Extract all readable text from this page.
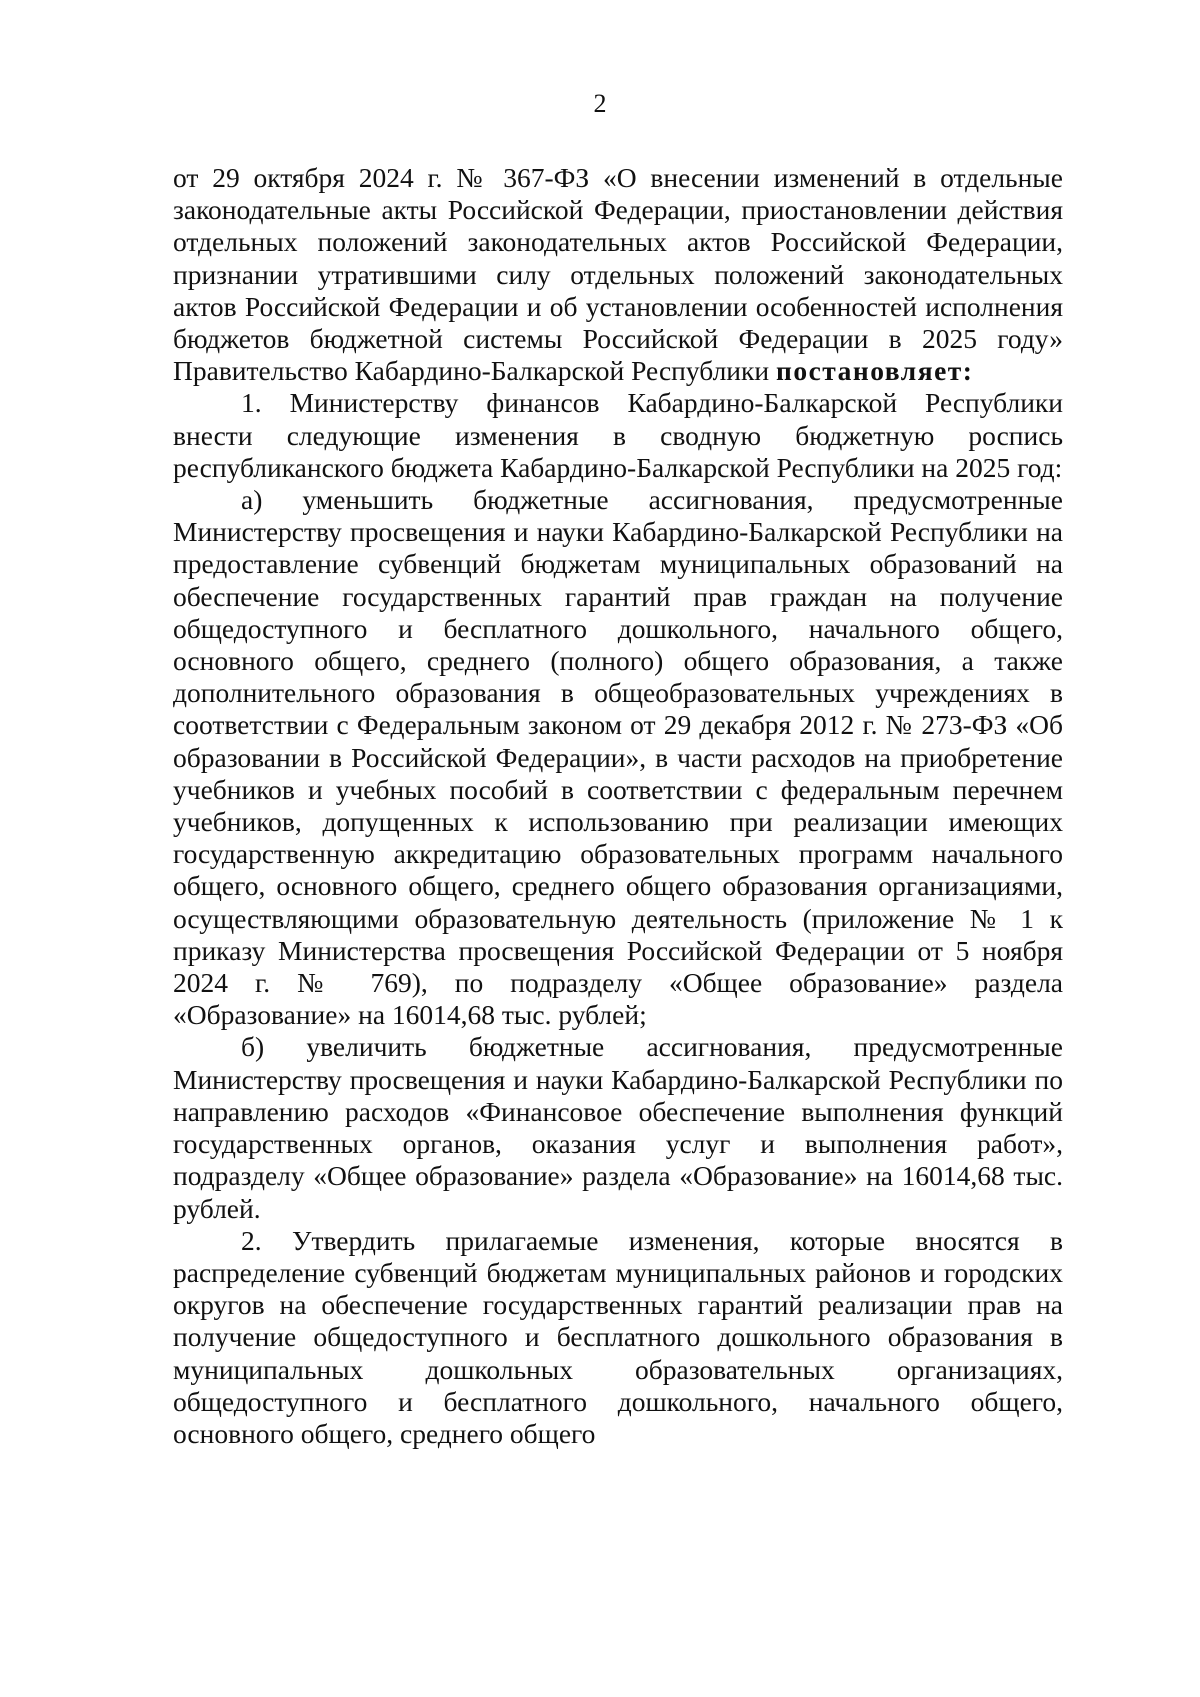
2

от 29 октября 2024 г. № 367-ФЗ «О внесении изменений в отдельные законодательные акты Российской Федерации, приостановлении действия отдельных положений законодательных актов Российской Федерации, признании утратившими силу отдельных положений законодательных актов Российской Федерации и об установлении особенностей исполнения бюджетов бюджетной системы Российской Федерации в 2025 году» Правительство Кабардино-Балкарской Республики постановляет:

1. Министерству финансов Кабардино-Балкарской Республики внести следующие изменения в сводную бюджетную роспись республиканского бюджета Кабардино-Балкарской Республики на 2025 год:

а) уменьшить бюджетные ассигнования, предусмотренные Министерству просвещения и науки Кабардино-Балкарской Республики на предоставление субвенций бюджетам муниципальных образований на обеспечение государственных гарантий прав граждан на получение общедоступного и бесплатного дошкольного, начального общего, основного общего, среднего (полного) общего образования, а также дополнительного образования в общеобразовательных учреждениях в соответствии с Федеральным законом от 29 декабря 2012 г. № 273-ФЗ «Об образовании в Российской Федерации», в части расходов на приобретение учебников и учебных пособий в соответствии с федеральным перечнем учебников, допущенных к использованию при реализации имеющих государственную аккредитацию образовательных программ начального общего, основного общего, среднего общего образования организациями, осуществляющими образовательную деятельность (приложение № 1 к приказу Министерства просвещения Российской Федерации от 5 ноября 2024 г. № 769), по подразделу «Общее образование» раздела «Образование» на 16014,68 тыс. рублей;

б) увеличить бюджетные ассигнования, предусмотренные Министерству просвещения и науки Кабардино-Балкарской Республики по направлению расходов «Финансовое обеспечение выполнения функций государственных органов, оказания услуг и выполнения работ», подразделу «Общее образование» раздела «Образование» на 16014,68 тыс. рублей.

2. Утвердить прилагаемые изменения, которые вносятся в распределение субвенций бюджетам муниципальных районов и городских округов на обеспечение государственных гарантий реализации прав на получение общедоступного и бесплатного дошкольного образования в муниципальных дошкольных образовательных организациях, общедоступного и бесплатного дошкольного, начального общего, основного общего, среднего общего
